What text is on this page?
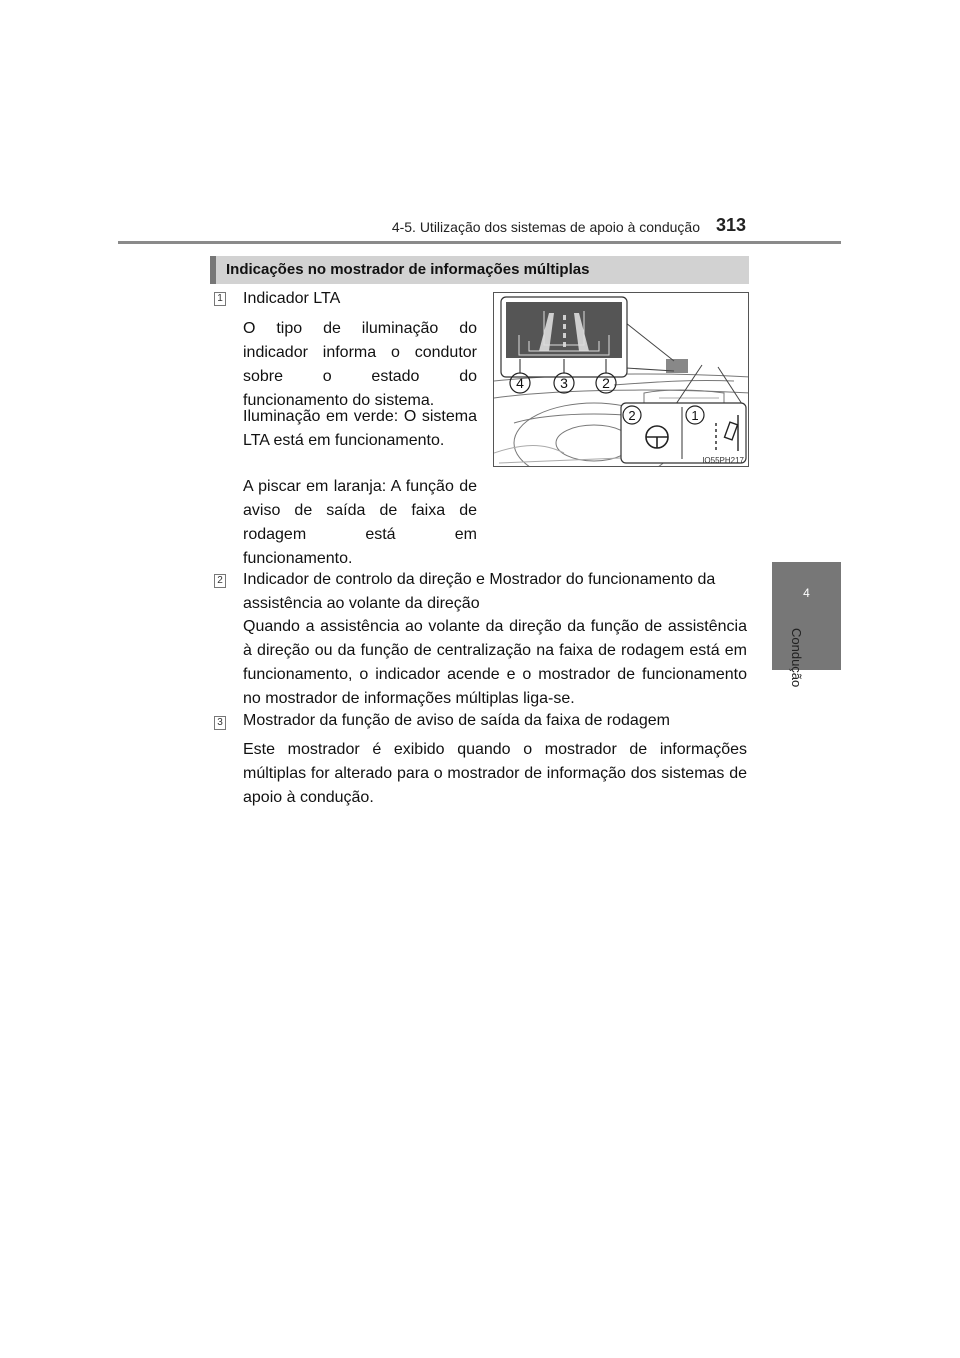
4-5. Utilização dos sistemas de apoio à condução 313
4
Condução
Indicações no mostrador de informações múltiplas
1 Indicador LTA
O tipo de iluminação do indicador informa o condutor sobre o estado do funcionamento do sistema.
Iluminação em verde: O sistema LTA está em funcionamento.
A piscar em laranja: A função de aviso de saída de faixa de rodagem está em funcionamento.
4	3 2
2	1
IO55PH217
2 Indicador de controlo da direção e Mostrador do funcionamento da assistência ao volante da direção
Quando a assistência ao volante da direção da função de assistência à direção ou da função de centralização na faixa de rodagem está em funcionamento, o indicador acende e o mostrador de funcionamento no mostrador de informações múltiplas liga-se.
3 Mostrador da função de aviso de saída da faixa de rodagem
Este mostrador é exibido quando o mostrador de informações múltiplas for alterado para o mostrador de informação dos sistemas de apoio à condução.
